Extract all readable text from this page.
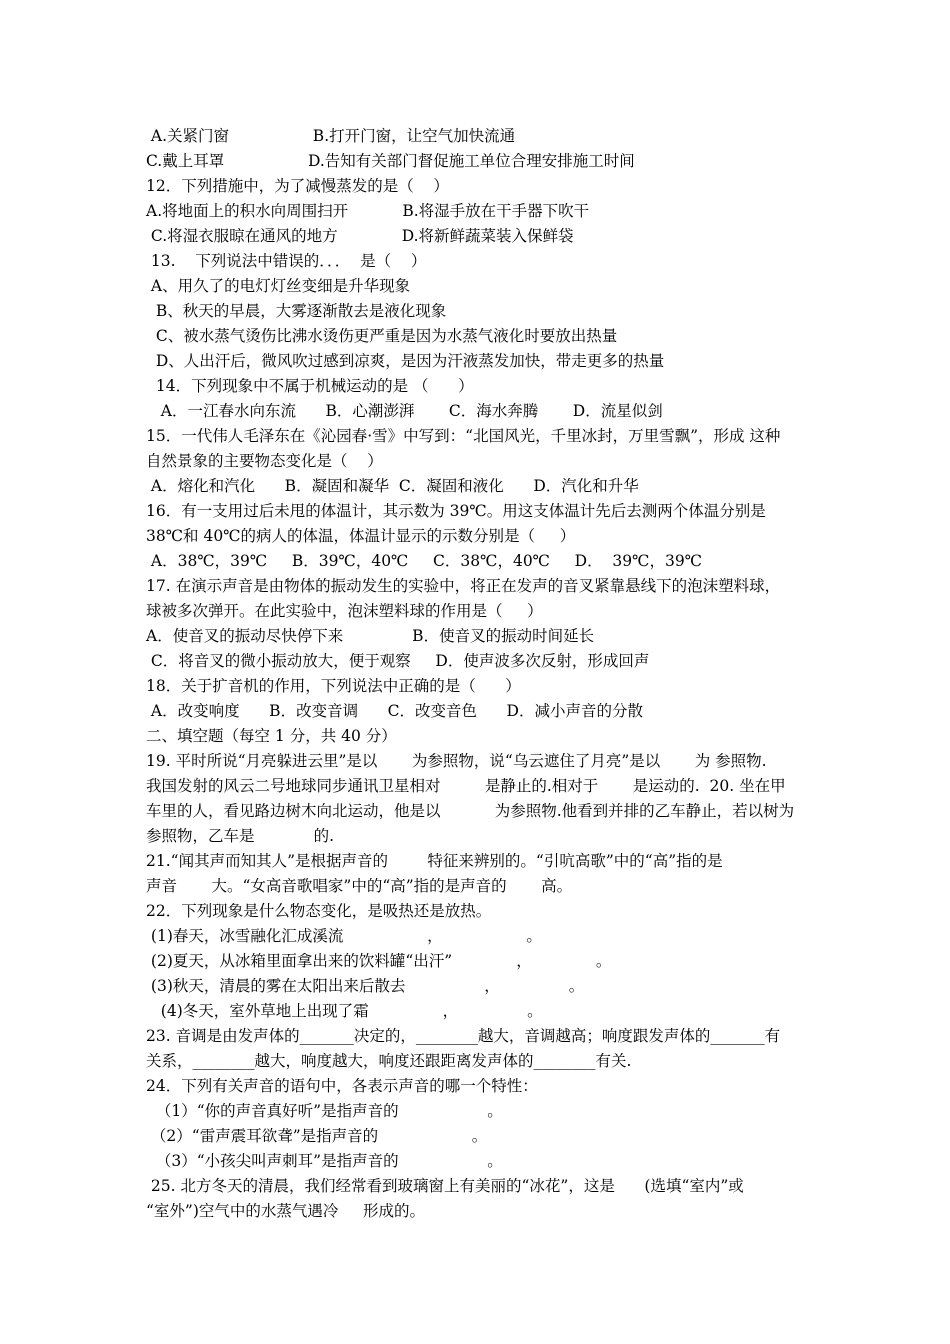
A.关紧门窗                 B.打开门窗，让空气加快流通
C.戴上耳罩                 D.告知有关部门督促施工单位合理安排施工时间
12．下列措施中，为了减慢蒸发的是（    ）
A.将地面上的积水向周围扫开           B.将湿手放在干手器下吹干
C.将湿衣服晾在通风的地方             D.将新鲜蔬菜装入保鲜袋
13.    下列说法中错误的．．．  是（    ）
A、用久了的电灯灯丝变细是升华现象
B、秋天的早晨，大雾逐渐散去是液化现象
C、被水蒸气烫伤比沸水烫伤更严重是因为水蒸气液化时要放出热量
D、人出汗后，微风吹过感到凉爽，是因为汗液蒸发加快，带走更多的热量
14．下列现象中不属于机械运动的是 （      ）
A．一江春水向东流      B．心潮澎湃       C．海水奔腾       D．流星似剑
15．一代伟人毛泽东在《沁园春·雪》中写到：“北国风光，千里冰封，万里雪飘”，形成 这种
自然景象的主要物态变化是（    ）
A．熔化和汽化      B．凝固和凝华  C．凝固和液化      D．汽化和升华
16．有一支用过后未甩的体温计，其示数为 39℃。用这支体温计先后去测两个体温分别是
38℃和 40℃的病人的体温，体温计显示的示数分别是（     ）
A．38℃，39℃     B．39℃，40℃     C．38℃，40℃     D．  39℃，39℃
17. 在演示声音是由物体的振动发生的实验中，将正在发声的音叉紧靠悬线下的泡沫塑料球，
球被多次弹开。在此实验中，泡沫塑料球的作用是（     ）
A．使音叉的振动尽快停下来              B．使音叉的振动时间延长
C．将音叉的微小振动放大，便于观察     D．使声波多次反射，形成回声
18．关于扩音机的作用，下列说法中正确的是（      ）
A．改变响度      B．改变音调      C．改变音色      D．减小声音的分散
二、填空题（每空 1 分，共 40 分）
19. 平时所说“月亮躲进云里”是以       为参照物，说“乌云遮住了月亮”是以       为 参照物.
我国发射的风云二号地球同步通讯卫星相对         是静止的.相对于       是运动的.  20. 坐在甲
车里的人，看见路边树木向北运动，他是以           为参照物.他看到并排的乙车静止，若以树为
参照物，乙车是            的.
21.“闻其声而知其人”是根据声音的        特征来辨别的。“引吭高歌”中的“高”指的是
声音       大。“女高音歌唱家”中的“高”指的是声音的       高。
22．下列现象是什么物态变化，是吸热还是放热。
(1)春天，冰雪融化汇成溪流                 ，                 。
(2)夏天，从冰箱里面拿出来的饮料罐“出汗”             ，             。
(3)秋天，清晨的雾在太阳出来后散去                ，              。
(4)冬天，室外草地上出现了霜               ，              。
23. 音调是由发声体的_______决定的，________越大，音调越高；响度跟发声体的_______有
关系，________越大，响度越大，响度还跟距离发声体的________有关.
24．下列有关声音的语句中，各表示声音的哪一个特性：
（1）“你的声音真好听”是指声音的                  。
（2）“雷声震耳欲聋”是指声音的                   。
（3）“小孩尖叫声刺耳”是指声音的                  。
25. 北方冬天的清晨，我们经常看到玻璃窗上有美丽的“冰花”，这是      (选填“室内”或
“室外”)空气中的水蒸气遇冷     形成的。
